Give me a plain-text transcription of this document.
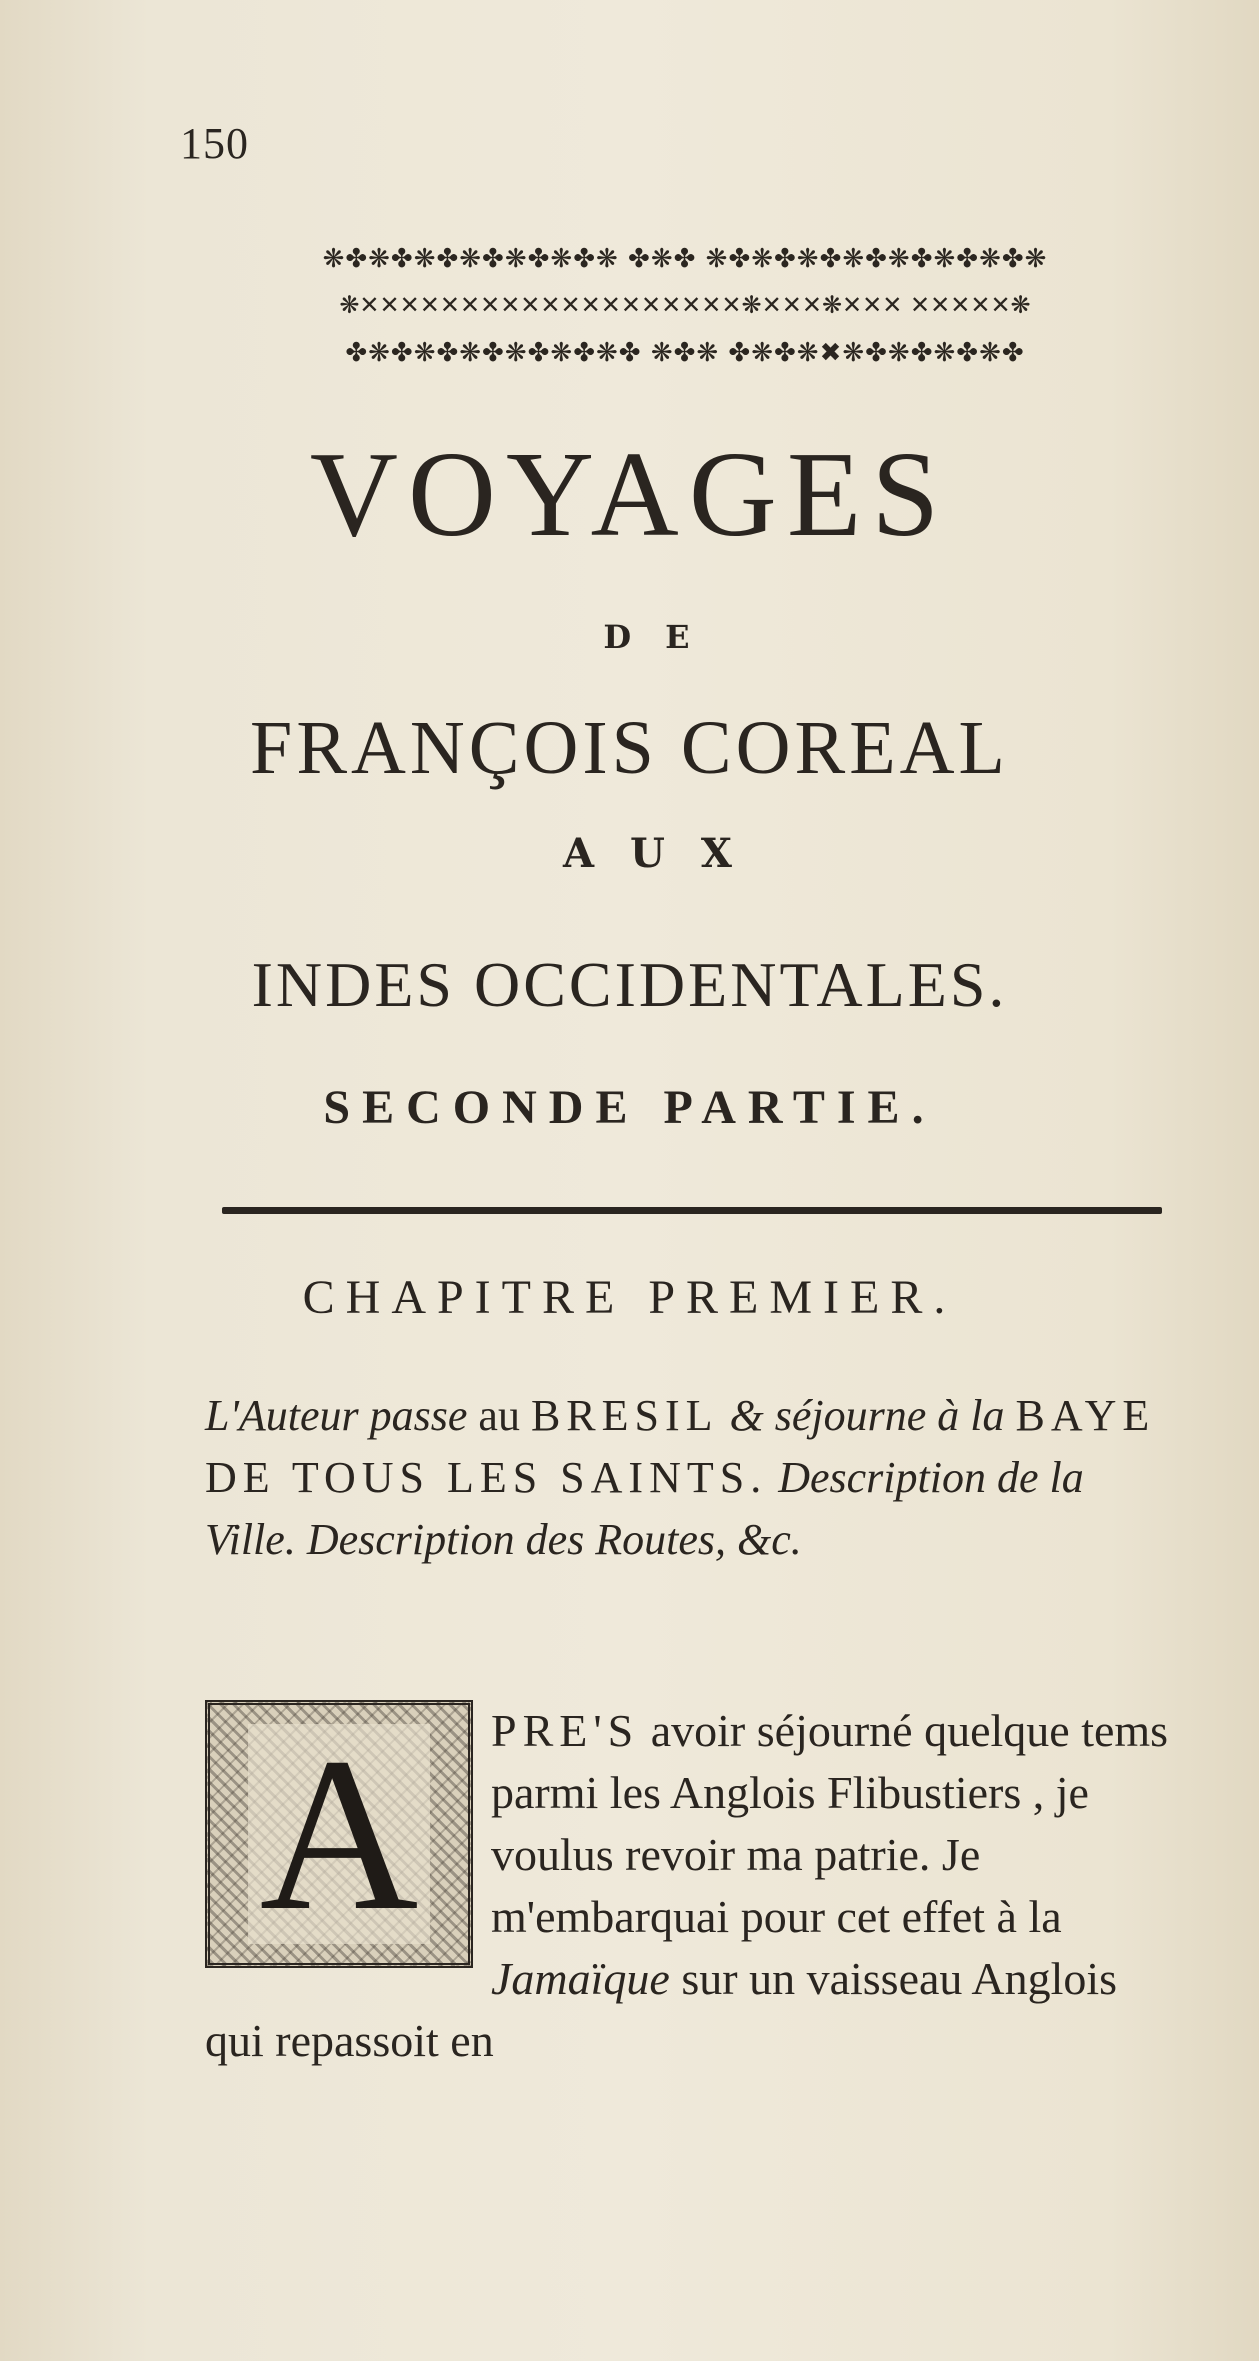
150
❋✤❋✤❋✤❋✤❋✤❋✤❋ ✤❋✤ ❋✤❋✤❋✤❋✤❋✤❋✤❋✤❋
❋✕✕✕✕✕✕✕✕✕✕✕✕✕✕✕✕✕✕✕❋✕✕✕❋✕✕✕ ✕✕✕✕✕❋
✤❋✤❋✤❋✤❋✤❋✤❋✤ ❋✤❋ ✤❋✤❋✖❋✤❋✤❋✤❋✤
VOYAGES
DE
FRANÇOIS COREAL
AUX
INDES OCCIDENTALES.
SECONDE PARTIE.
CHAPITRE PREMIER.

L'Auteur passe au BRESIL & séjourne à la BAYE DE TOUS LES SAINTS. Description de la Ville. Description des Routes, &c.

A PRE'S avoir séjourné quelque tems parmi les Anglois Flibustiers , je voulus revoir ma patrie. Je m'embarquai pour cet effet à la Jamaïque sur un vaisseau Anglois qui repassoit en
